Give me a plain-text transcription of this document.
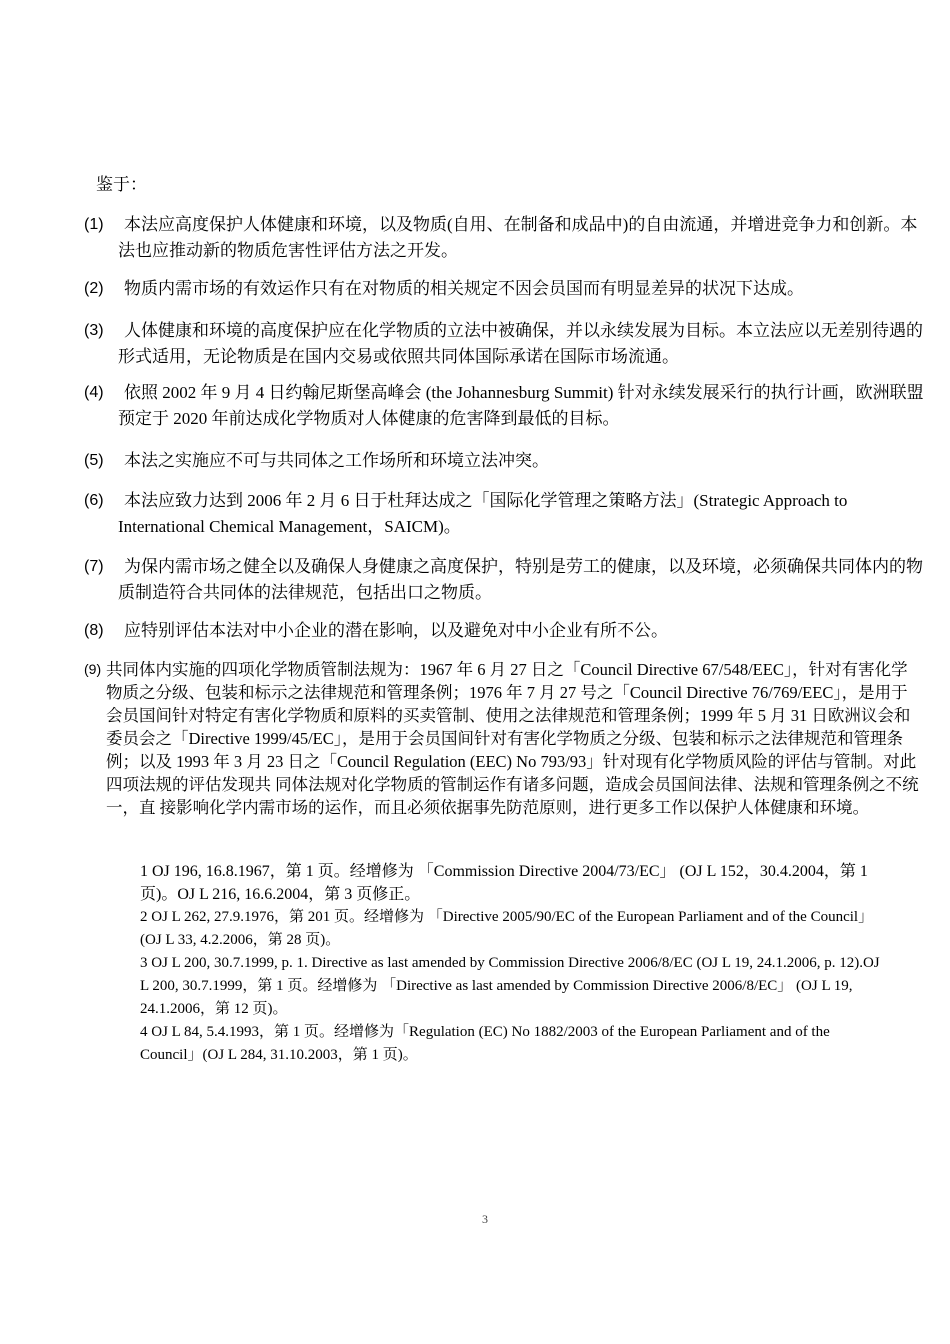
鉴于：
(1)	本法应高度保护人体健康和环境，以及物质(自用、在制备和成品中)的自由流通，并增进竞争力和创新。本法也应推动新的物质危害性评估方法之开发。
(2)	物质内需市场的有效运作只有在对物质的相关规定不因会员国而有明显差异的状况下达成。
(3)	人体健康和环境的高度保护应在化学物质的立法中被确保，并以永续发展为目标。本立法应以无差别待遇的形式适用，无论物质是在国内交易或依照共同体国际承诺在国际市场流通。
(4)	依照 2002 年 9 月 4 日约翰尼斯堡高峰会 (the Johannesburg Summit) 针对永续发展采行的执行计画，欧洲联盟预定于 2020 年前达成化学物质对人体健康的危害降到最低的目标。
(5)	本法之实施应不可与共同体之工作场所和环境立法冲突。
(6)	本法应致力达到 2006 年 2 月 6 日于杜拜达成之「国际化学管理之策略方法」(Strategic Approach to International Chemical Management，SAICM)。
(7)	为保内需市场之健全以及确保人身健康之高度保护，特别是劳工的健康，以及环境，必须确保共同体内的物质制造符合共同体的法律规范，包括出口之物质。
(8)	应特别评估本法对中小企业的潜在影响，以及避免对中小企业有所不公。
(9) 共同体内实施的四项化学物质管制法规为：1967 年 6 月 27 日之「Council Directive 67/548/EEC」，针对有害化学物质之分级、包装和标示之法律规范和管理条例；1976 年 7 月 27 号之「Council Directive 76/769/EEC」，是用于会员国间针对特定有害化学物质和原料的买卖管制、使用之法律规范和管理条例；1999 年 5 月 31 日欧洲议会和委员会之「Directive 1999/45/EC」，是用于会员国间针对有害化学物质之分级、包装和标示之法律规范和管理条例；以及 1993 年 3 月 23 日之「Council Regulation (EEC) No 793/93」针对现有化学物质风险的评估与管制。对此四项法规的评估发现共 同体法规对化学物质的管制运作有诸多问题，造成会员国间法律、法规和管理条例之不统一，直 接影响化学内需市场的运作，而且必须依据事先防范原则，进行更多工作以保护人体健康和环境。
1 OJ 196, 16.8.1967，第 1 页。经增修为 「Commission Directive 2004/73/EC」 (OJ L 152，30.4.2004，第 1 页)。OJ L 216, 16.6.2004，第 3 页修正。
2 OJ L 262, 27.9.1976，第 201 页。经增修为 「Directive 2005/90/EC of the European Parliament and of the Council」(OJ L 33, 4.2.2006，第 28 页)。
3 OJ L 200, 30.7.1999, p. 1. Directive as last amended by Commission Directive 2006/8/EC (OJ L 19, 24.1.2006, p. 12).OJ L 200, 30.7.1999，第 1 页。经增修为 「Directive as last amended by Commission Directive 2006/8/EC」 (OJ L 19, 24.1.2006，第 12 页)。
4 OJ L 84, 5.4.1993，第 1 页。经增修为「Regulation (EC) No 1882/2003 of the European Parliament and of the Council」(OJ L 284, 31.10.2003，第 1 页)。
3
